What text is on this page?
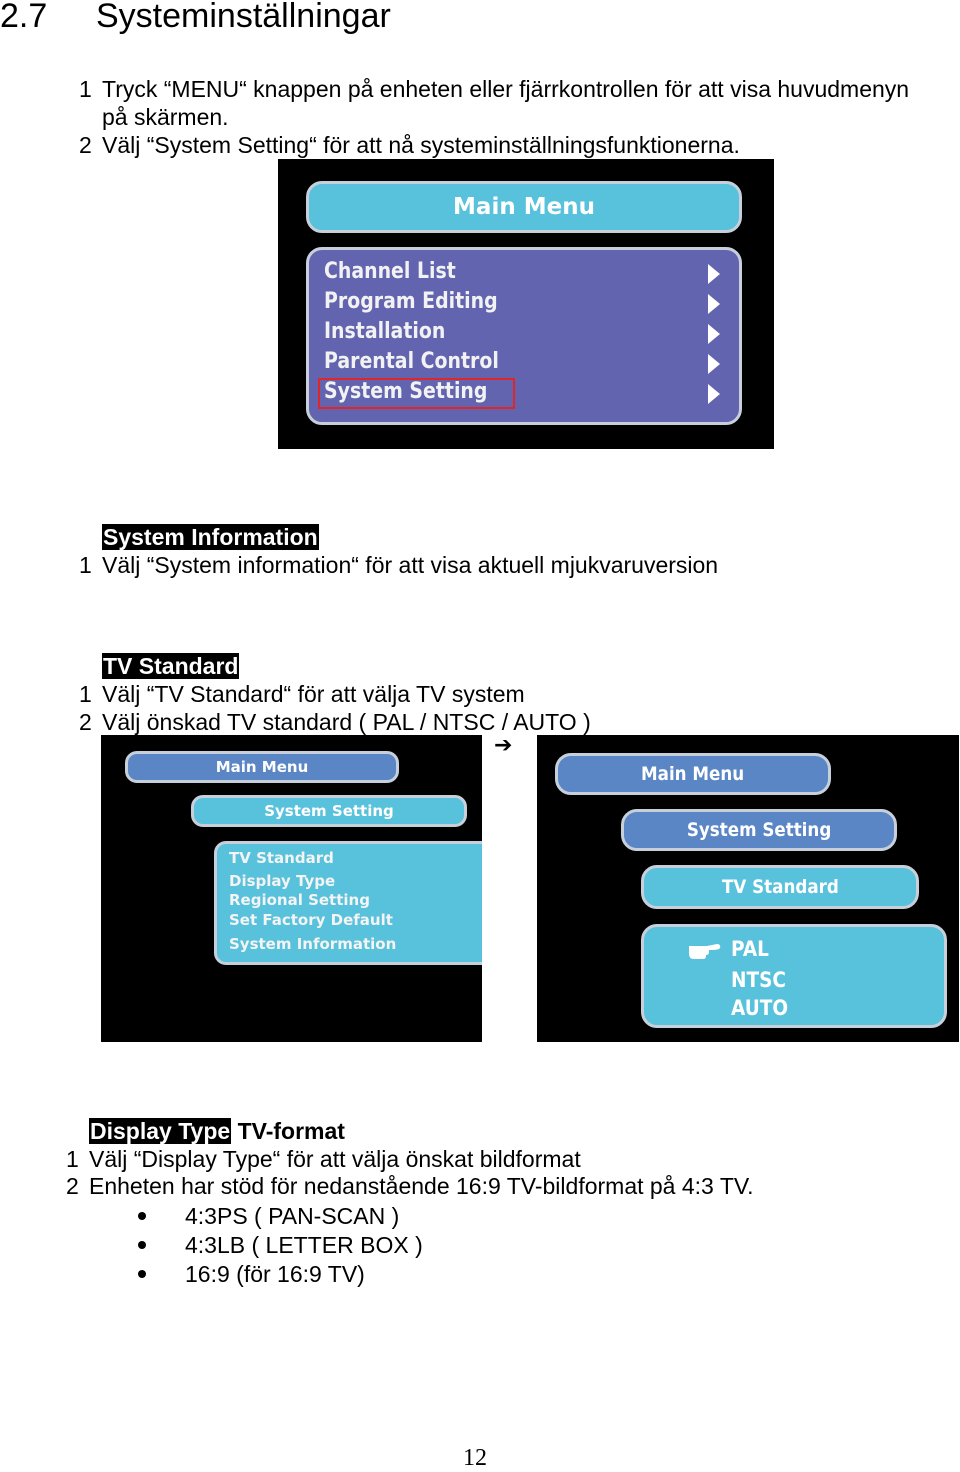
2.7 Systeminställningar
1 Tryck “MENU“ knappen på enheten eller fjärrkontrollen för att visa huvudmenyn
på skärmen.
2 Välj “System Setting“ för att nå systeminställningsfunktionerna.
Main Menu
Channel List
Program Editing
Installation
Parental Control
System Setting
System Information
1 Välj “System information“ för att visa aktuell mjukvaruversion
TV Standard
1 Välj “TV Standard“ för att välja TV system
2 Välj önskad TV standard ( PAL / NTSC / AUTO )
➔
Main Menu
System Setting
TV Standard
Display Type
Regional Setting
Set Factory Default
System Information
Main Menu
System Setting
TV Standard
PAL
NTSC
AUTO
Display Type TV-format
1 Välj “Display Type“ för att välja önskat bildformat
2 Enheten har stöd för nedanstående 16:9 TV-bildformat på 4:3 TV.
4:3PS ( PAN-SCAN )
4:3LB ( LETTER BOX )
16:9 (för 16:9 TV)
12
